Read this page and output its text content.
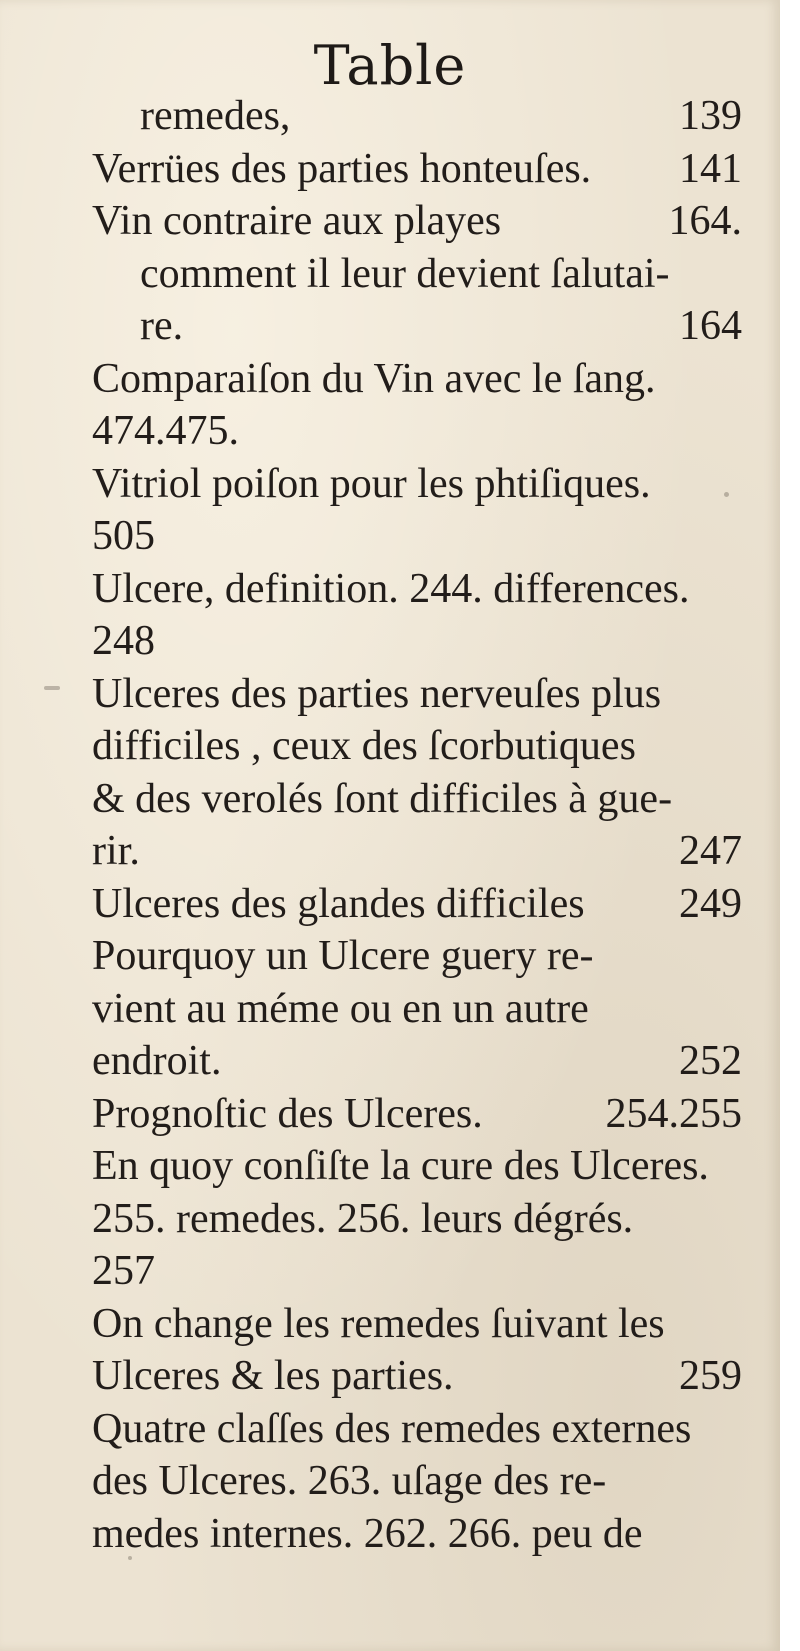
Table
remedes,	139
Verrües des parties honteuſes. 141
Vin contraire aux playes	164.
comment il leur devient ſalutai-
re.	164
Comparaiſon du Vin avec le ſang.
474.475.
Vitriol poiſon pour les phtiſiques.
505
Ulcere, definition. 244. differences.
248
Ulceres des parties nerveuſes plus
difficiles , ceux des ſcorbutiques
& des verolés ſont difficiles à gue-
rir.	247
Ulceres des glandes difficiles 249
Pourquoy un Ulcere guery re-
vient au méme ou en un autre
endroit.	252
Prognoſtic des Ulceres.	254.255
En quoy conſiſte la cure des Ulceres.
255. remedes. 256. leurs dégrés.
257
On change les remedes ſuivant les
Ulceres & les parties.	259
Quatre claſſes des remedes externes
des Ulceres. 263. uſage des re-
medes internes. 262. 266. peu de
